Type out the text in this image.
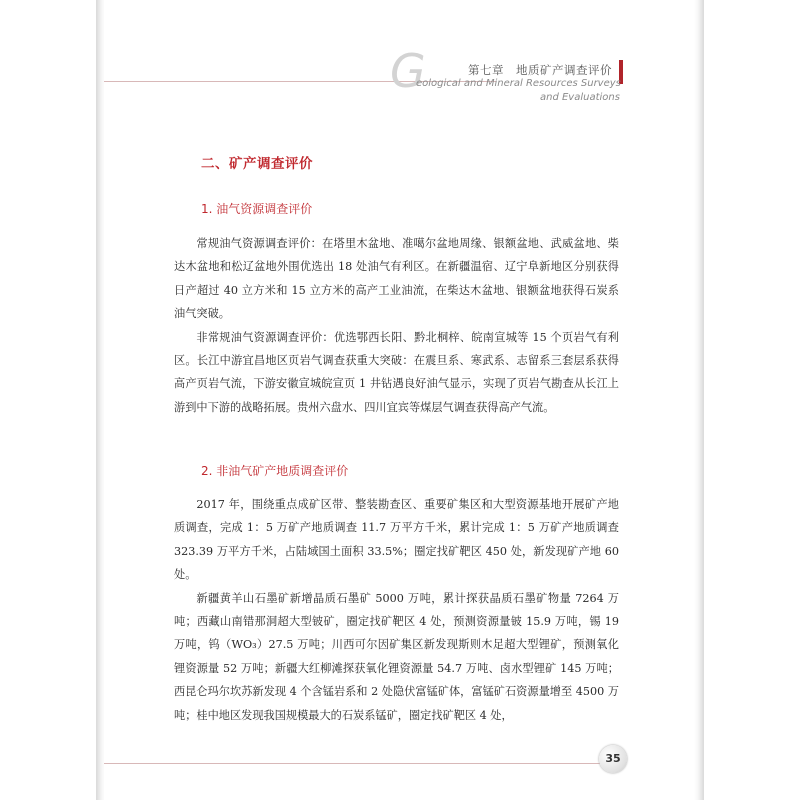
G	第七章　地质矿产调查评价
eological and Mineral Resources Surveys
and Evaluations
二、矿产调查评价
1. 油气资源调查评价

常规油气资源调查评价：在塔里木盆地、准噶尔盆地周缘、银额盆地、武威盆地、柴达木盆地和松辽盆地外围优选出 18 处油气有利区。在新疆温宿、辽宁阜新地区分别获得日产超过 40 立方米和 15 立方米的高产工业油流，在柴达木盆地、银额盆地获得石炭系油气突破。

非常规油气资源调查评价：优选鄂西长阳、黔北桐梓、皖南宣城等 15 个页岩气有利区。长江中游宜昌地区页岩气调查获重大突破：在震旦系、寒武系、志留系三套层系获得高产页岩气流，下游安徽宣城皖宣页 1 井钻遇良好油气显示，实现了页岩气勘查从长江上游到中下游的战略拓展。贵州六盘水、四川宜宾等煤层气调查获得高产气流。

2. 非油气矿产地质调查评价

2017 年，围绕重点成矿区带、整装勘查区、重要矿集区和大型资源基地开展矿产地质调查，完成 1：5 万矿产地质调查 11.7 万平方千米，累计完成 1：5 万矿产地质调查 323.39 万平方千米，占陆域国土面积 33.5%；圈定找矿靶区 450 处，新发现矿产地 60 处。

新疆黄羊山石墨矿新增晶质石墨矿 5000 万吨，累计探获晶质石墨矿物量 7264 万吨；西藏山南错那洞超大型铍矿，圈定找矿靶区 4 处，预测资源量铍 15.9 万吨，锡 19 万吨，钨（WO₃）27.5 万吨；川西可尔因矿集区新发现斯则木足超大型锂矿，预测氧化锂资源量 52 万吨；新疆大红柳滩探获氧化锂资源量 54.7 万吨、卤水型锂矿 145 万吨；西昆仑玛尔坎苏新发现 4 个含锰岩系和 2 处隐伏富锰矿体，富锰矿石资源量增至 4500 万吨；桂中地区发现我国规模最大的石炭系锰矿，圈定找矿靶区 4 处，

35
